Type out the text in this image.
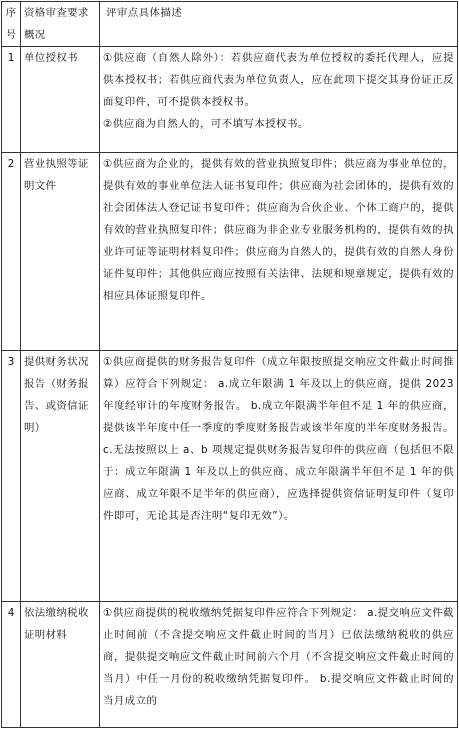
序号	资格审查要求概况	评审点具体描述
1	单位授权书	①供应商（自然人除外）：若供应商代表为单位授权的委托代理人，应提供本授权书；若供应商代表为单位负责人，应在此项下提交其身份证正反面复印件，可不提供本授权书。
②供应商为自然人的，可不填写本授权书。

2	营业执照等证明文件	①供应商为企业的，提供有效的营业执照复印件；供应商为事业单位的，提供有效的事业单位法人证书复印件；供应商为社会团体的，提供有效的社会团体法人登记证书复印件；供应商为合伙企业、个体工商户的，提供有效的营业执照复印件；供应商为非企业专业服务机构的，提供有效的执业许可证等证明材料复印件；供应商为自然人的，提供有效的自然人身份证件复印件；其他供应商应按照有关法律、法规和规章规定，提供有效的相应具体证照复印件。

3	提供财务状况报告（财务报告、或资信证明）	①供应商提供的财务报告复印件（成立年限按照提交响应文件截止时间推算）应符合下列规定： a.成立年限满 1 年及以上的供应商，提供 2023 年度经审计的年度财务报告。 b.成立年限满半年但不足 1 年的供应商，提供该半年度中任一季度的季度财务报告或该半年度的半年度财务报告。 c.无法按照以上 a、b 项规定提供财务报告复印件的供应商（包括但不限于：成立年限满 1 年及以上的供应商、成立年限满半年但不足 1 年的供应商、成立年限不足半年的供应商），应选择提供资信证明复印件（复印件即可，无论其是否注明“复印无效”）。

4	依法缴纳税收证明材料	①供应商提供的税收缴纳凭据复印件应符合下列规定： a.提交响应文件截止时间前（不含提交响应文件截止时间的当月）已依法缴纳税收的供应商，提供提交响应文件截止时间前六个月（不含提交响应文件截止时间的当月）中任一月份的税收缴纳凭据复印件。 b.提交响应文件截止时间的当月成立的
